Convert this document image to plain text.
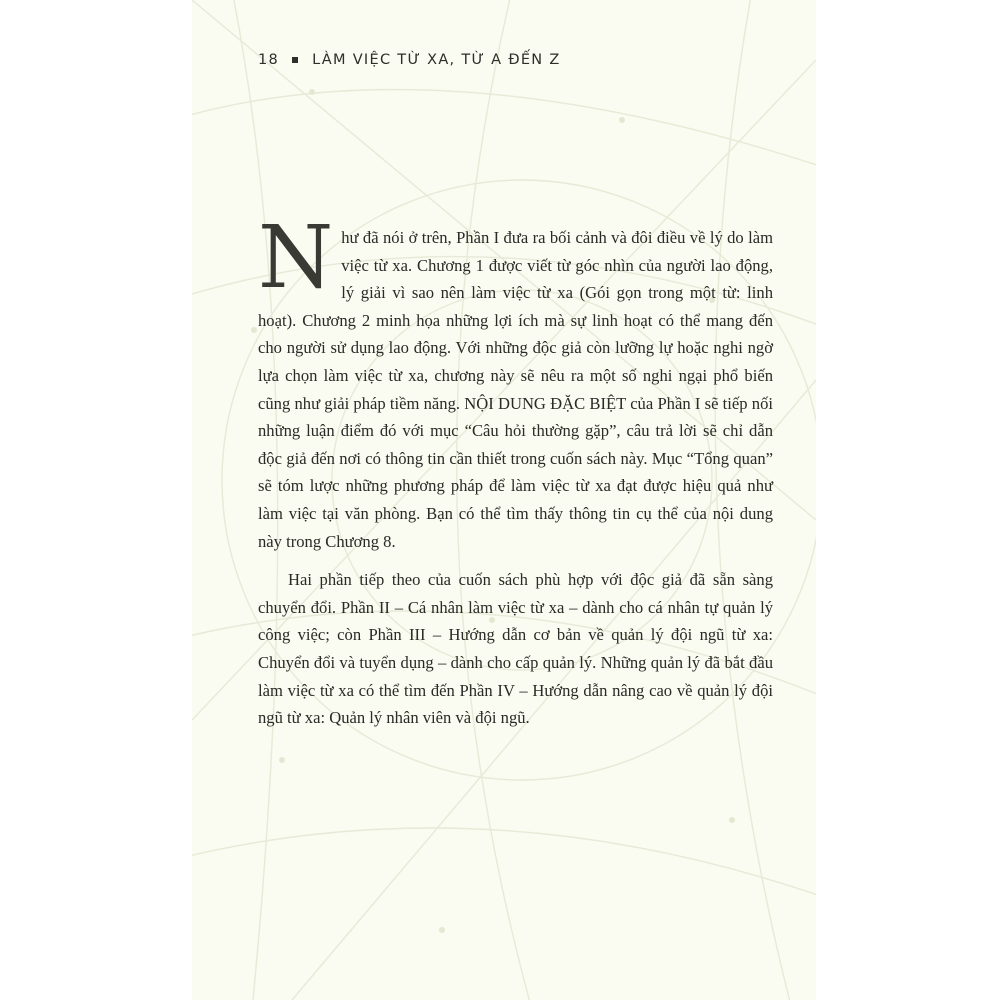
18 LÀM VIỆC TỪ XA, TỪ A ĐẾN Z

Như đã nói ở trên, Phần I đưa ra bối cảnh và đôi điều về lý do làm việc từ xa. Chương 1 được viết từ góc nhìn của người lao động, lý giải vì sao nên làm việc từ xa (Gói gọn trong một từ: linh hoạt). Chương 2 minh họa những lợi ích mà sự linh hoạt có thể mang đến cho người sử dụng lao động. Với những độc giả còn lưỡng lự hoặc nghi ngờ lựa chọn làm việc từ xa, chương này sẽ nêu ra một số nghi ngại phổ biến cũng như giải pháp tiềm năng. NỘI DUNG ĐẶC BIỆT của Phần I sẽ tiếp nối những luận điểm đó với mục “Câu hỏi thường gặp”, câu trả lời sẽ chỉ dẫn độc giả đến nơi có thông tin cần thiết trong cuốn sách này. Mục “Tổng quan” sẽ tóm lược những phương pháp để làm việc từ xa đạt được hiệu quả như làm việc tại văn phòng. Bạn có thể tìm thấy thông tin cụ thể của nội dung này trong Chương 8.

Hai phần tiếp theo của cuốn sách phù hợp với độc giả đã sẵn sàng chuyển đổi. Phần II – Cá nhân làm việc từ xa – dành cho cá nhân tự quản lý công việc; còn Phần III – Hướng dẫn cơ bản về quản lý đội ngũ từ xa: Chuyển đổi và tuyển dụng – dành cho cấp quản lý. Những quản lý đã bắt đầu làm việc từ xa có thể tìm đến Phần IV – Hướng dẫn nâng cao về quản lý đội ngũ từ xa: Quản lý nhân viên và đội ngũ.
